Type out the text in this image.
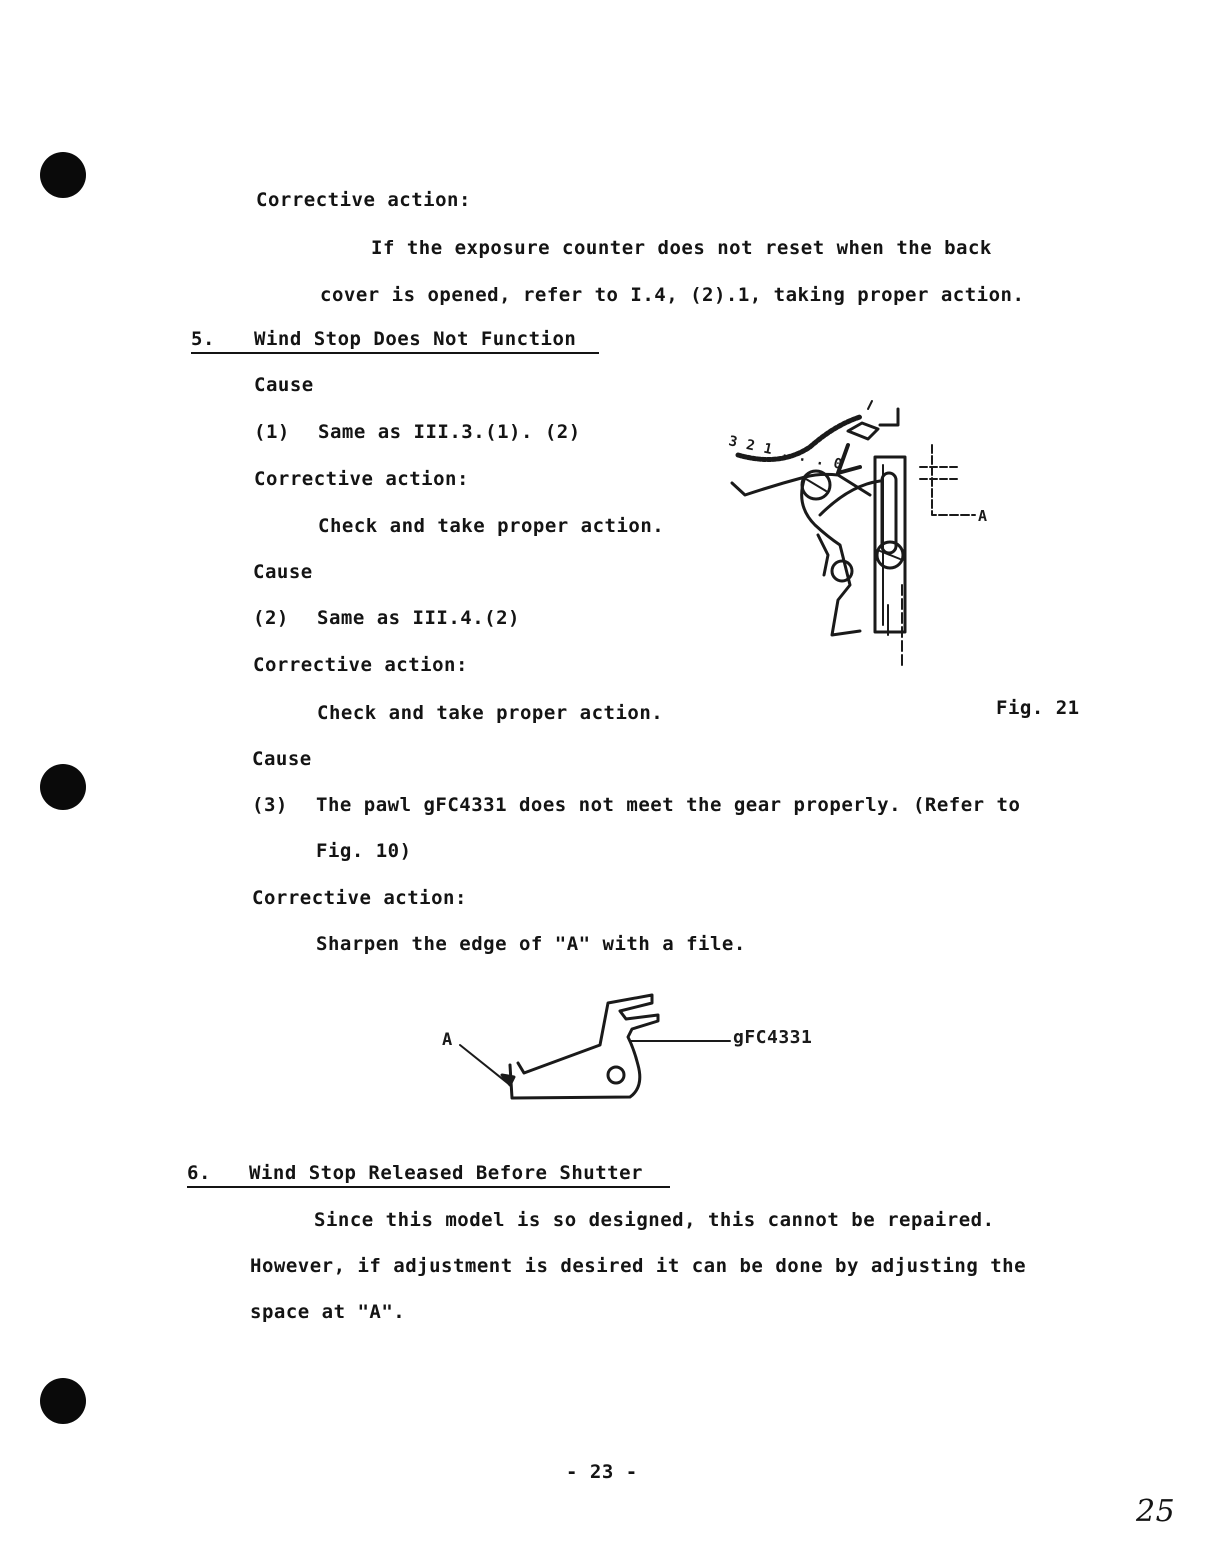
Corrective action:
If the exposure counter does not reset when the back
cover is opened, refer to I.4, (2).1, taking proper action.
5. Wind Stop Does Not Function
Cause
(1) Same as III.3.(1). (2)
Corrective action:
Check and take proper action.
Cause
(2) Same as III.4.(2)
Corrective action:
Check and take proper action.
3 2 1 . . . 0
A
Fig. 21
Cause
(3) The pawl gFC4331 does not meet the gear properly. (Refer to
Fig. 10)
Corrective action:
Sharpen the edge of "A" with a file.
A	gFC4331
6. Wind Stop Released Before Shutter
Since this model is so designed, this cannot be repaired.
However, if adjustment is desired it can be done by adjusting the
space at "A".
- 23 -
25
